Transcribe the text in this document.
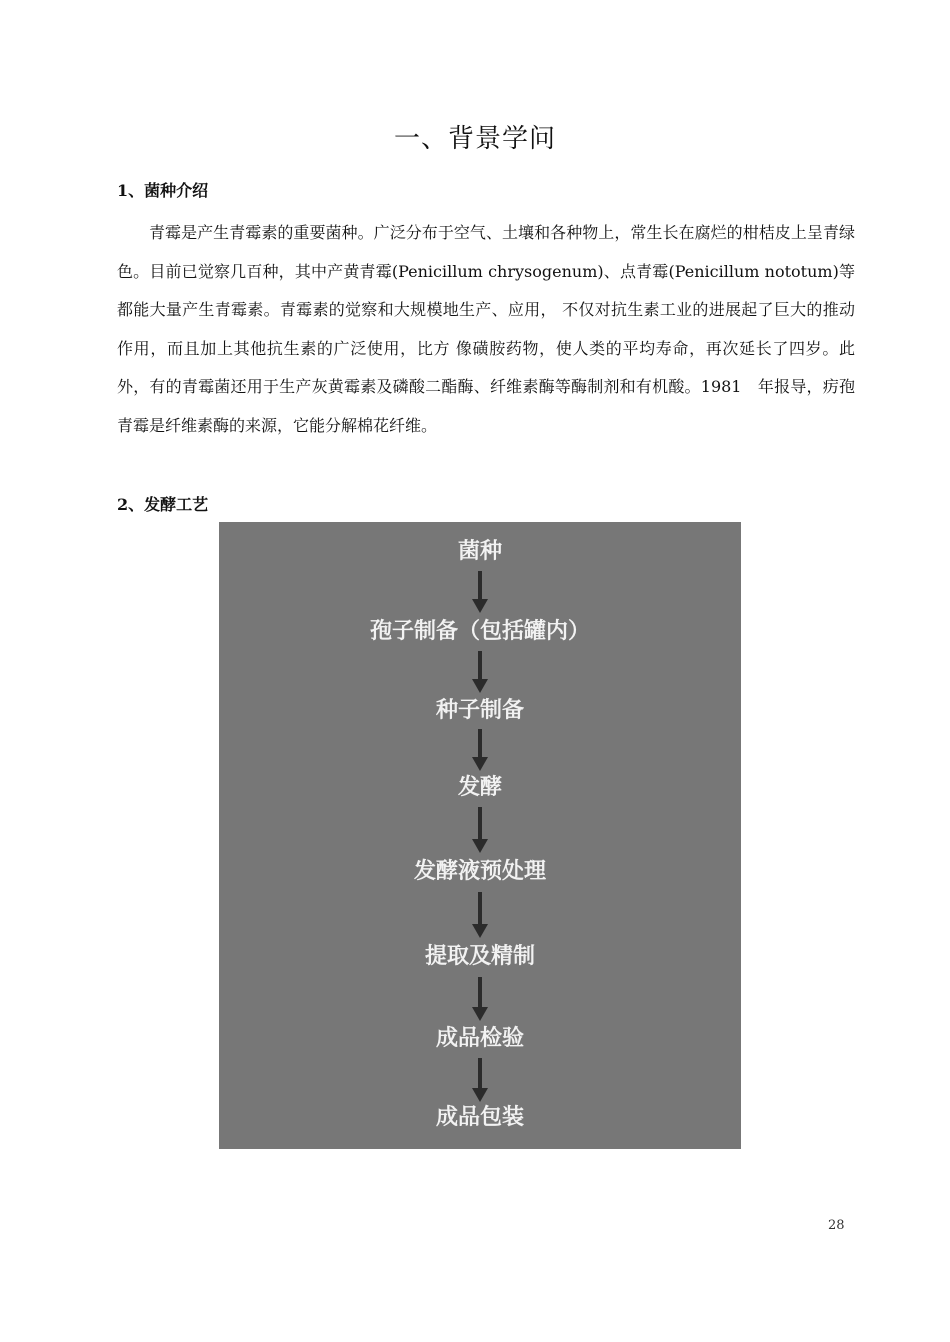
一、背景学问
1、菌种介绍

青霉是产生青霉素的重要菌种。广泛分布于空气、土壤和各种物上，常生长在腐烂的柑桔皮上呈青绿色。目前已觉察几百种，其中产黄青霉(Penicillum chrysogenum)、点青霉(Penicillum nototum)等都能大量产生青霉素。青霉素的觉察和大规模地生产、应用， 不仅对抗生素工业的进展起了巨大的推动作用，而且加上其他抗生素的广泛使用，比方 像磺胺药物，使人类的平均寿命，再次延长了四岁。此外，有的青霉菌还用于生产灰黄霉素及磷酸二酯酶、纤维素酶等酶制剂和有机酸。1981　年报导，疠孢青霉是纤维素酶的来源，它能分解棉花纤维。

2、发酵工艺
菌种
孢子制备（包括罐内）
种子制备
发酵
发酵液预处理
提取及精制
成品检验
成品包装
28
